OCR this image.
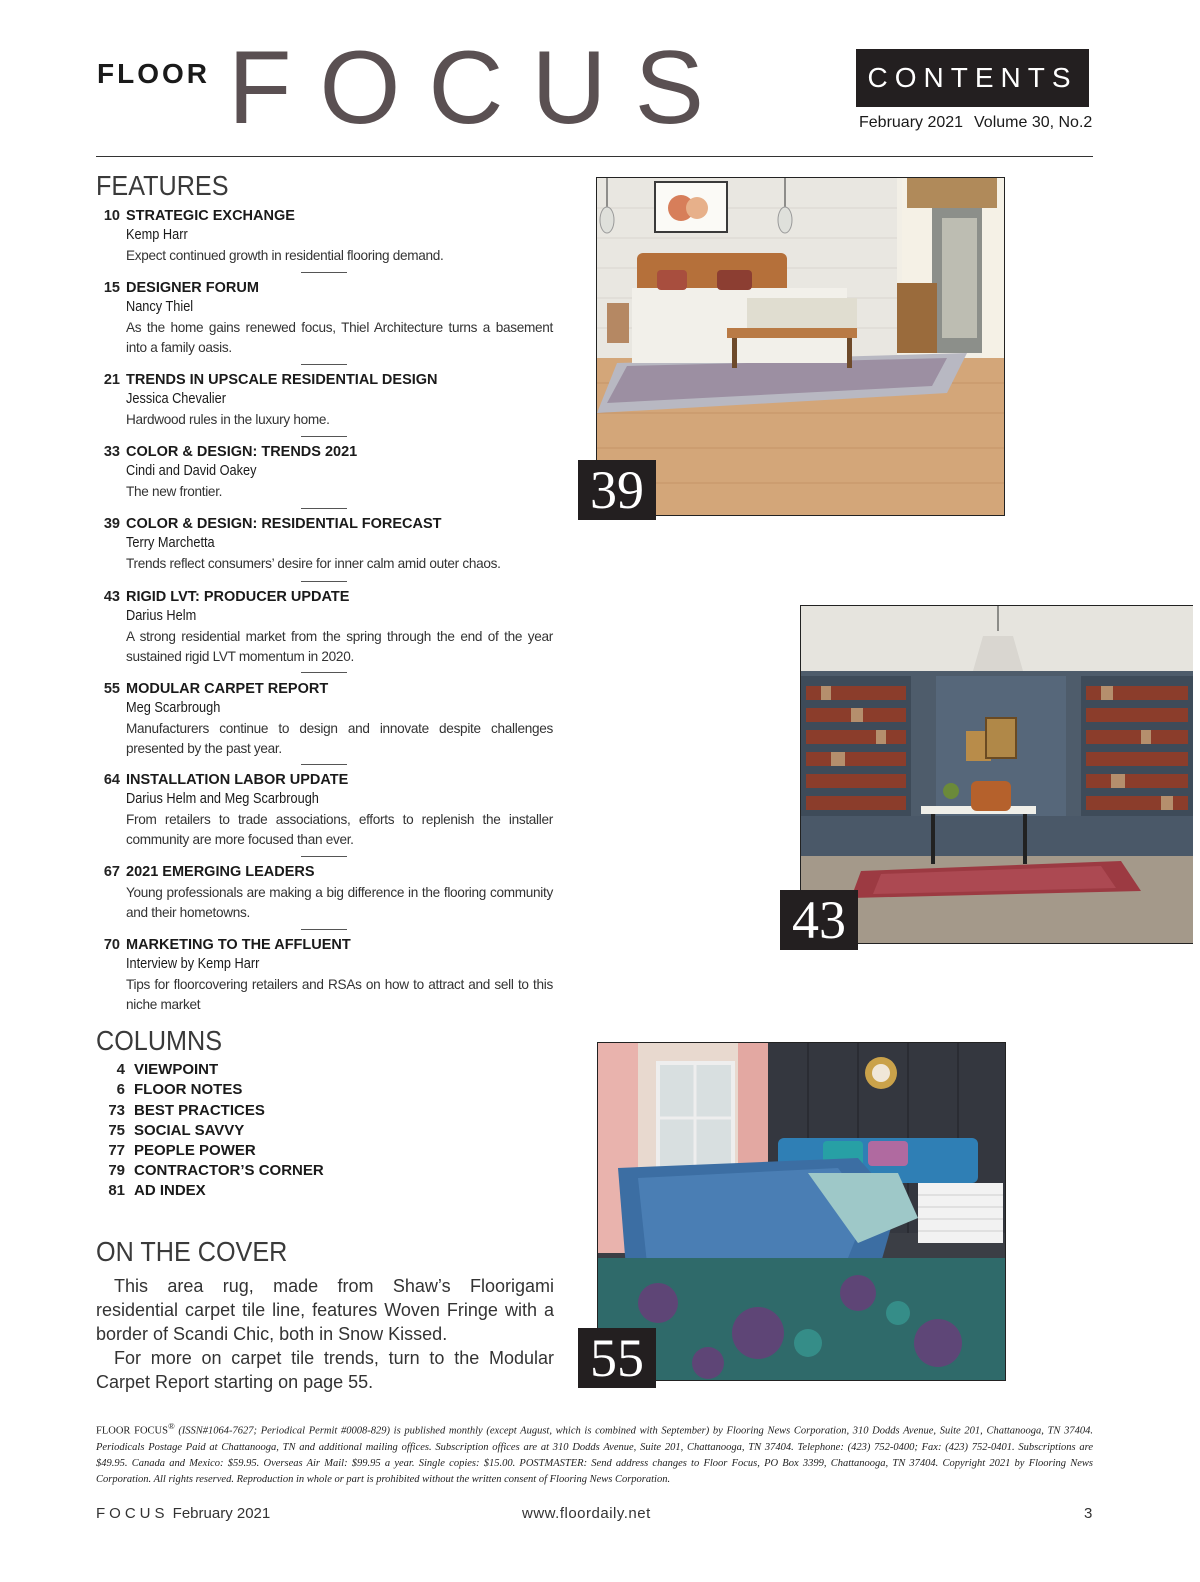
FLOOR FOCUS	CONTENTS
February 2021 Volume 30, No.2
FEATURES
10 STRATEGIC EXCHANGE
Kemp Harr
Expect continued growth in residential flooring demand.
15 DESIGNER FORUM
Nancy Thiel
As the home gains renewed focus, Thiel Architecture turns a basement into a family oasis.
21 TRENDS IN UPSCALE RESIDENTIAL DESIGN
Jessica Chevalier
Hardwood rules in the luxury home.
33 COLOR & DESIGN: TRENDS 2021
Cindi and David Oakey
The new frontier.
39 COLOR & DESIGN: RESIDENTIAL FORECAST
Terry Marchetta
Trends reflect consumers’ desire for inner calm amid outer chaos.
43 RIGID LVT: PRODUCER UPDATE
Darius Helm
A strong residential market from the spring through the end of the year sustained rigid LVT momentum in 2020.
55 MODULAR CARPET REPORT
Meg Scarbrough
Manufacturers continue to design and innovate despite challenges presented by the past year.
64 INSTALLATION LABOR UPDATE
Darius Helm and Meg Scarbrough
From retailers to trade associations, efforts to replenish the installer community are more focused than ever.
67 2021 EMERGING LEADERS
Young professionals are making a big difference in the flooring community and their hometowns.
70 MARKETING TO THE AFFLUENT
Interview by Kemp Harr
Tips for floorcovering retailers and RSAs on how to attract and sell to this niche market
COLUMNS
4 VIEWPOINT
6 FLOOR NOTES
73 BEST PRACTICES
75 SOCIAL SAVVY
77 PEOPLE POWER
79 CONTRACTOR’S CORNER
81 AD INDEX
ON THE COVER
This area rug, made from Shaw’s Floorigami residential carpet tile line, features Woven Fringe with a border of Scandi Chic, both in Snow Kissed.
For more on carpet tile trends, turn to the Modular Carpet Report starting on page 55.
39
43
55
FLOOR FOCUS® (ISSN#1064-7627; Periodical Permit #0008-829) is published monthly (except August, which is combined with September) by Flooring News Corporation, 310 Dodds Avenue, Suite 201, Chattanooga, TN 37404. Periodicals Postage Paid at Chattanooga, TN and additional mailing offices. Subscription offices are at 310 Dodds Avenue, Suite 201, Chattanooga, TN 37404. Telephone: (423) 752-0400; Fax: (423) 752-0401. Subscriptions are $49.95. Canada and Mexico: $59.95. Overseas Air Mail: $99.95 a year. Single copies: $15.00. POSTMASTER: Send address changes to Floor Focus, PO Box 3399, Chattanooga, TN 37404. Copyright 2021 by Flooring News Corporation. All rights reserved. Reproduction in whole or part is prohibited without the written consent of Flooring News Corporation.
FOCUS February 2021	www.floordaily.net	3
